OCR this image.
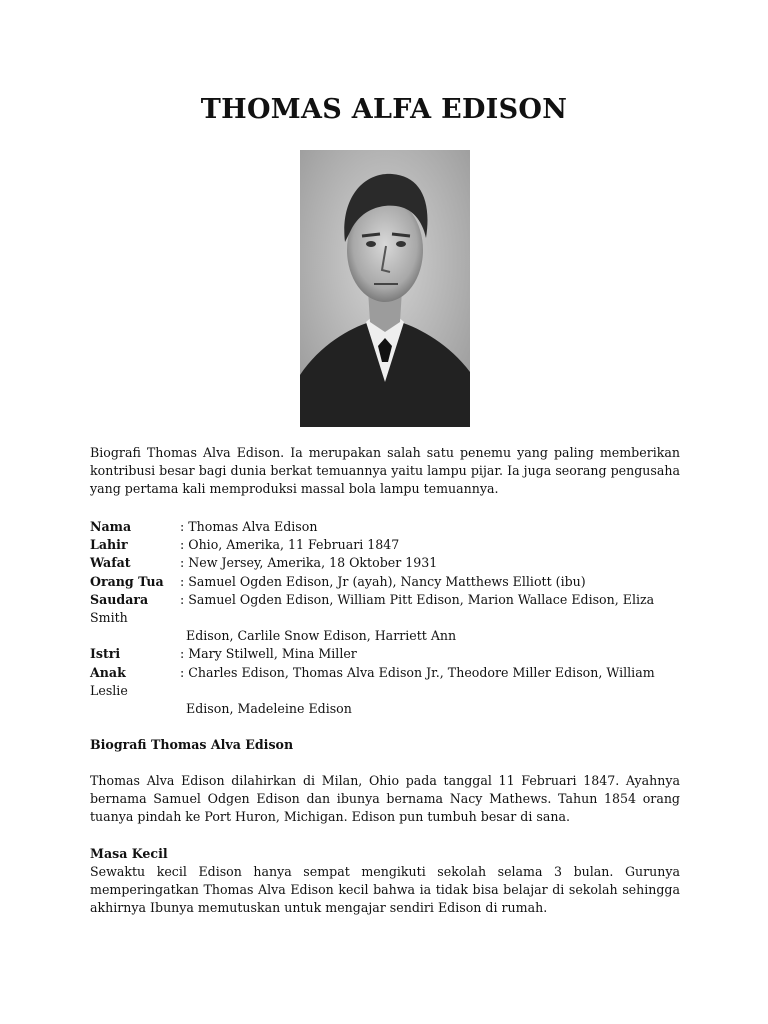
THOMAS ALFA EDISON
Biografi Thomas Alva Edison. Ia merupakan salah satu penemu yang paling memberikan kontribusi besar bagi dunia berkat temuannya yaitu lampu pijar. Ia juga seorang pengusaha yang pertama kali memproduksi massal bola lampu temuannya.
Nama	: Thomas Alva Edison
Lahir	: Ohio, Amerika, 11 Februari 1847
Wafat	: New Jersey, Amerika, 18 Oktober 1931
Orang Tua	: Samuel Ogden Edison, Jr (ayah), Nancy Matthews Elliott (ibu)
Saudara	: Samuel Ogden Edison, William Pitt Edison, Marion Wallace Edison, Eliza
Smith
Edison, Carlile Snow Edison, Harriett Ann
Istri	: Mary Stilwell, Mina Miller
Anak	: Charles Edison, Thomas Alva Edison Jr., Theodore Miller Edison, William
Leslie
Edison, Madeleine Edison
Biografi Thomas Alva Edison
Thomas Alva Edison dilahirkan di Milan, Ohio pada tanggal 11 Februari 1847. Ayahnya bernama Samuel Odgen Edison dan ibunya bernama Nacy Mathews. Tahun 1854 orang tuanya pindah ke Port Huron, Michigan. Edison pun tumbuh besar di sana.
Masa Kecil
Sewaktu kecil Edison hanya sempat mengikuti sekolah selama 3 bulan. Gurunya memperingatkan Thomas Alva Edison kecil bahwa ia tidak bisa belajar di sekolah sehingga akhirnya Ibunya memutuskan untuk mengajar sendiri Edison di rumah.
